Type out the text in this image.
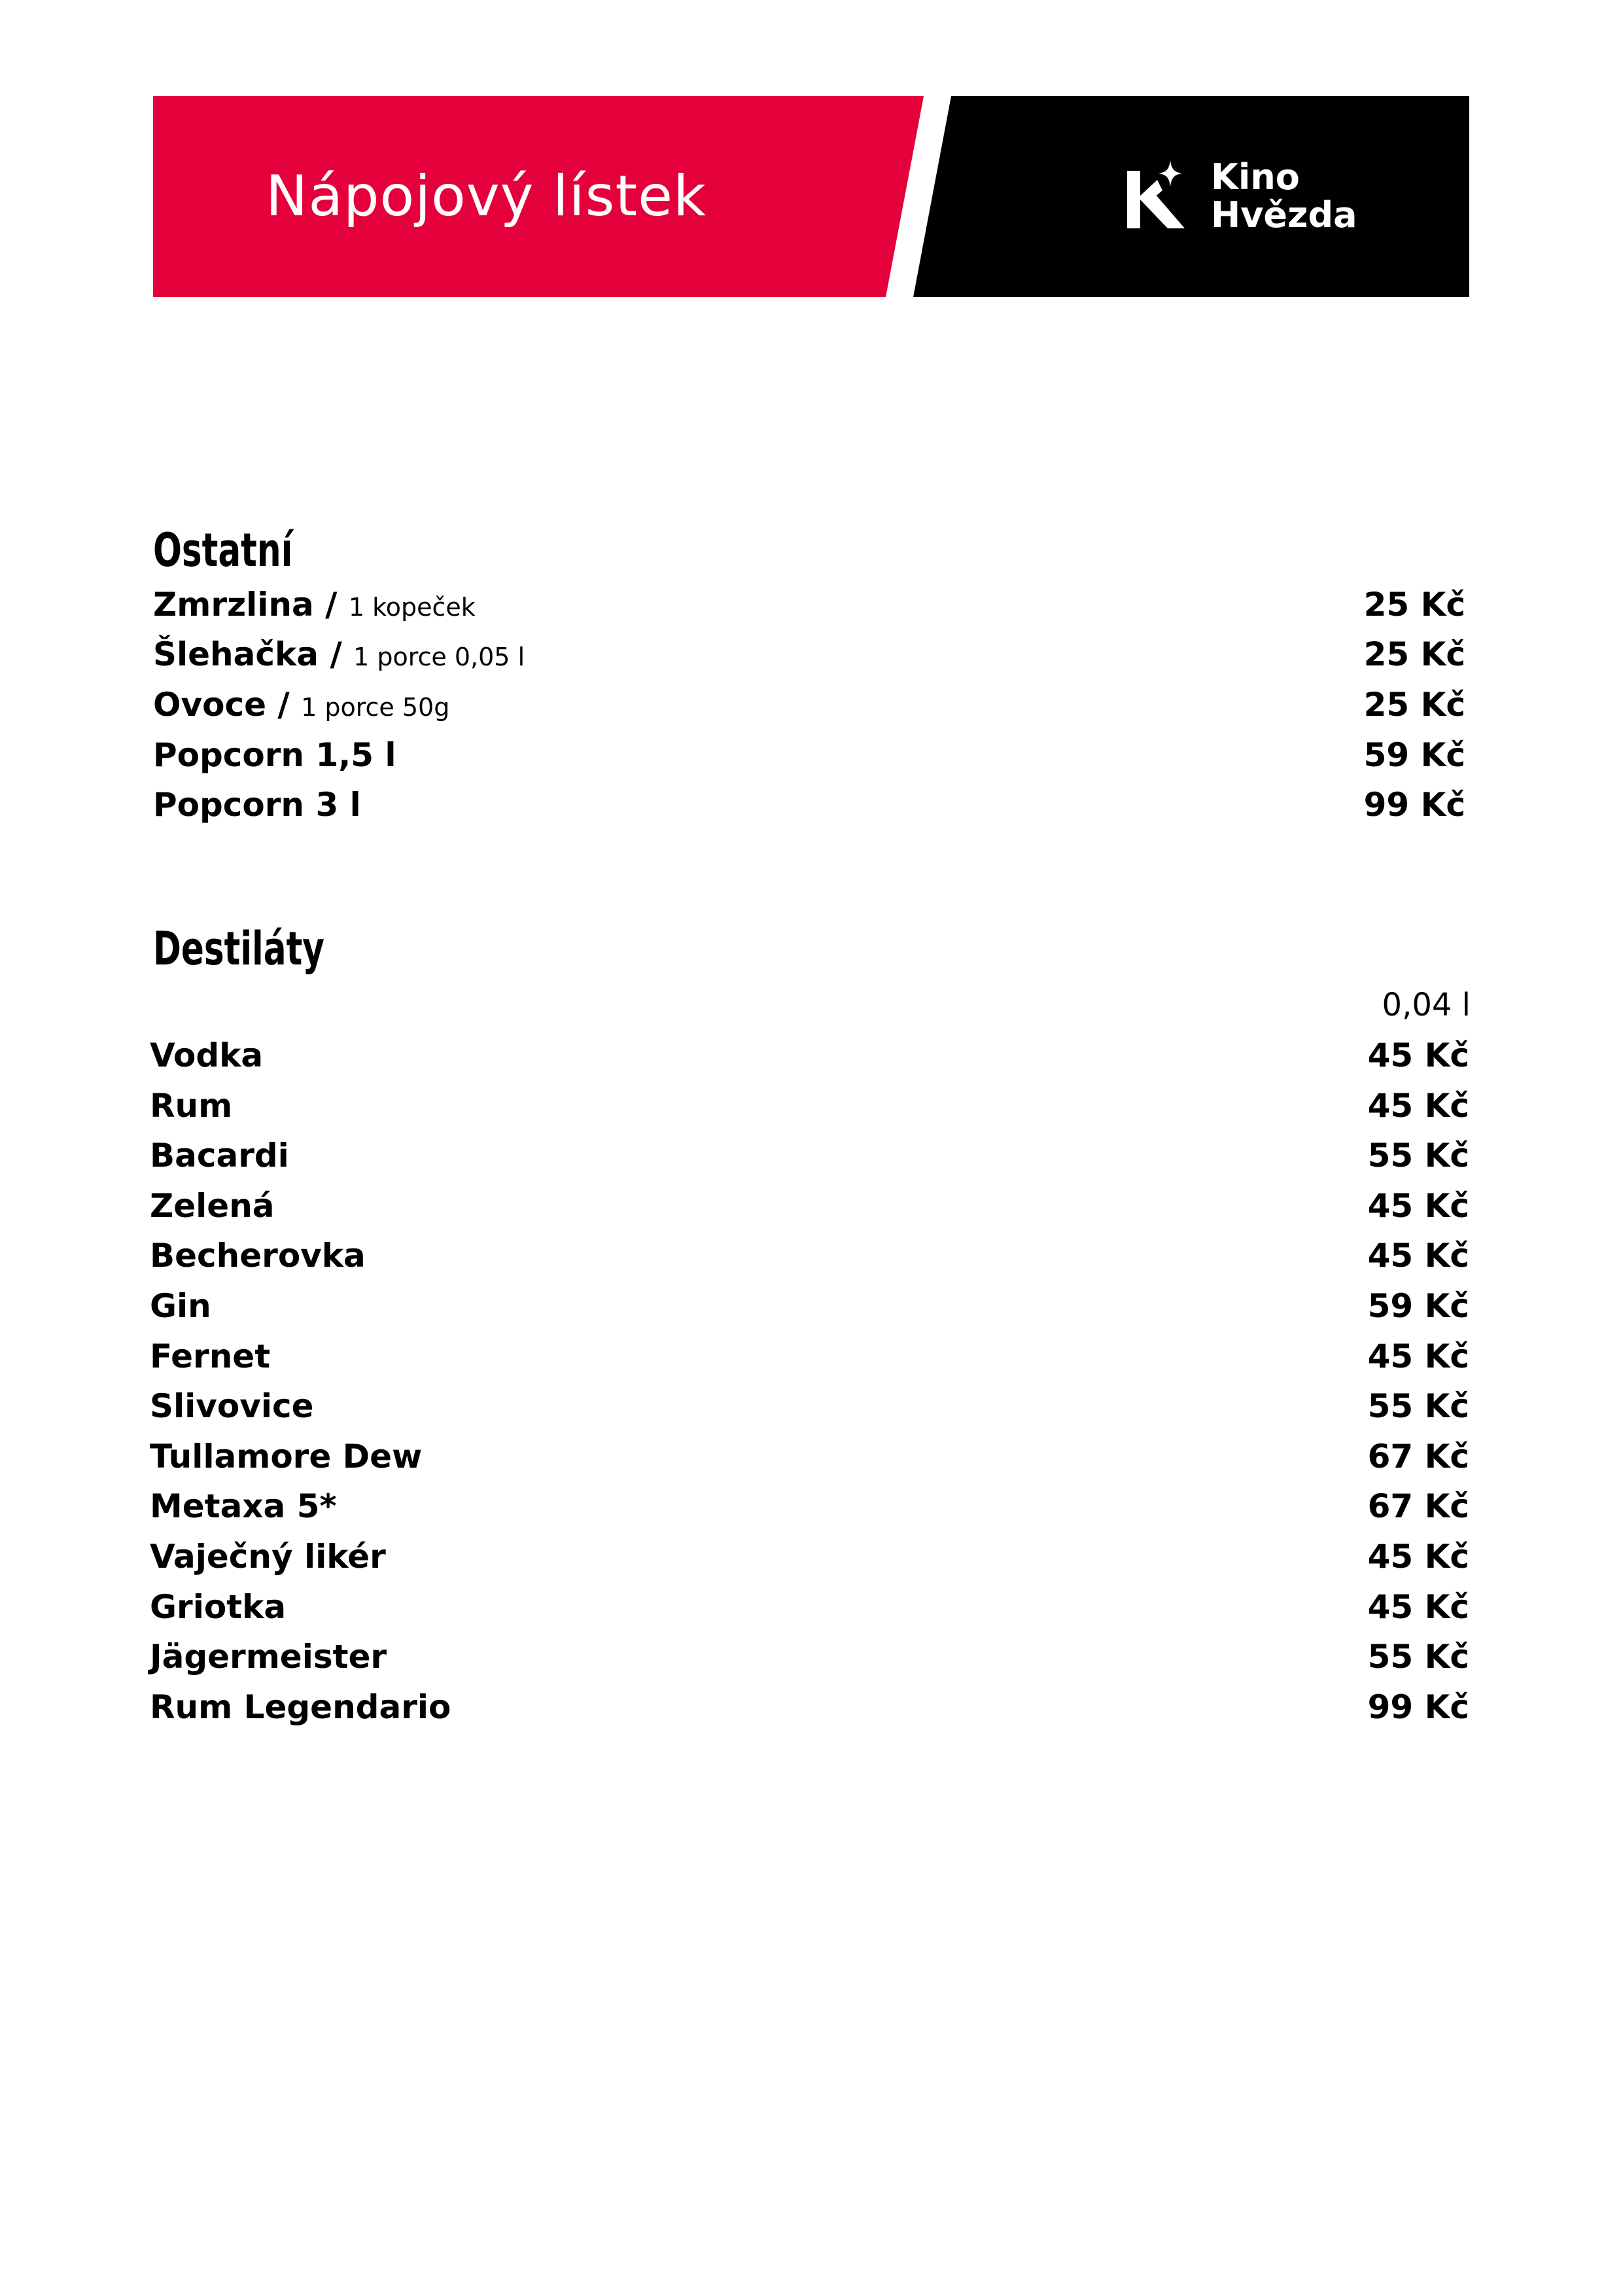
Nápojový lístek	Kino
Hvězda
Ostatní
Zmrzlina / 1 kopeček	25 Kč
Šlehačka / 1 porce 0,05 l	25 Kč
Ovoce / 1 porce 50g	25 Kč
Popcorn 1,5 l	59 Kč
Popcorn 3 l	99 Kč
Destiláty
0,04 l
Vodka	45 Kč
Rum	45 Kč
Bacardi	55 Kč
Zelená	45 Kč
Becherovka	45 Kč
Gin	59 Kč
Fernet	45 Kč
Slivovice	55 Kč
Tullamore Dew	67 Kč
Metaxa 5*	67 Kč
Vaječný likér	45 Kč
Griotka	45 Kč
Jägermeister	55 Kč
Rum Legendario	99 Kč
